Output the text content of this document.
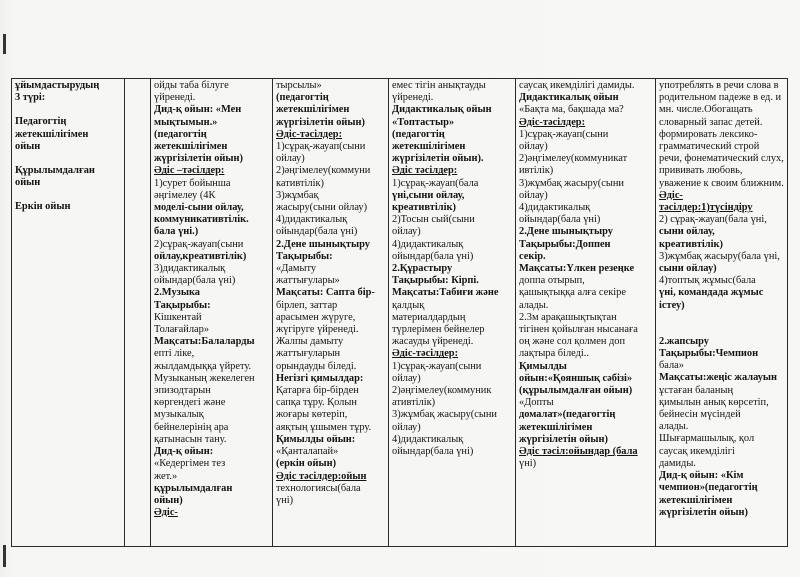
ұйымдастырудың
3 түрі:
Педагогтің
жетекшілігімен
ойын
Құрылымдалған
ойын
Еркін ойын

ойды таба білуге
үйренеді.
Дид-қ ойын: «Мен
мықтымын.»
(педагогтің
жетекшілігімен
жүргізілетін ойын)
Әдіс –тәсілдер:
1)сурет бойынша
әңгімелеу (4К
моделі-сыни ойлау,
коммуникативтілік.
бала үні.)
2)сұрақ-жауап(сыни
ойлау,креативтілік)
3)дидактикалық
ойындар(бала үні)
2.Музыка
Тақырыбы:
Кішкентай
Толағайлар»
Мақсаты:Балаларды
епті ліке,
жылдамдыққа үйрету.
Музыканың жекелеген
эпизодтарын
көргендегі және
музыкалық
бейнелерінің ара
қатынасын тану.
Дид-қ ойын:
«Кедергімен тез
жет.»
құрылымдалған
ойын)
Әдіс-

тырсылы»
(педагогтің
жетекшілігімен
жүргізілетін ойын)
Әдіс-тәсілдер:
1)сұрақ-жауап(сыни
ойлау)
2)әңгімелеу(коммуни
кативтілік)
3)жұмбақ
жасыру(сыни ойлау)
4)дидактикалық
ойындар(бала үні)
2.Дене шынықтыру
Тақырыбы:
«Дамыту
жаттығулары»
Мақсаты: Сапта бір-
бірлеп, заттар
арасымен жүруге,
жүгіруге үйренеді.
Жалпы дамыту
жаттығуларын
орындауды біледі.
Негізгі қимылдар:
Қатарға бір-бірден
сапқа тұру. Қолын
жоғары көтеріп,
аяқтың ұшымен тұру.
Қимылды ойын:
«Қанталапай»
(еркін ойын)
Әдіс тәсілдер:ойын
технологиясы(бала
үні)

емес тігін анықтауды
үйренеді.
Дидактикалық ойын
«Топтастыр»
(педагогтің
жетекшілігімен
жүргізілетін ойын).
Әдіс тәсілдер:
1)сұрақ-жауап(бала
үні,сыни ойлау,
креативтілік)
2)Тосын сый(сыни
ойлау)
4)дидактикалық
ойындар(бала үні)
2.Құрастыру
Тақырыбы: Кірпі.
Мақсаты:Табиғи және
қалдық
материалдардың
түрлерімен бейнелер
жасауды үйренеді.
Әдіс-тәсілдер:
1)сұрақ-жауап(сыни
ойлау)
2)әңгімелеу(коммуник
ативтілік)
3)жұмбақ жасыру(сыни
ойлау)
4)дидактикалық
ойындар(бала үні)

саусақ икемділігі дамиды.
Дидактикалық ойын
«Бақта ма, бақшада ма?
Әдіс-тәсілдер:
1)сұрақ-жауап(сыни
ойлау)
2)әңгімелеу(коммуникат
ивтілік)
3)жұмбақ жасыру(сыни
ойлау)
4)дидактикалық
ойындар(бала үні)
2.Дене шынықтыру
Тақырыбы:Доппен
секір.
Мақсаты:Үлкен резеңке
доппа отырып,
қашықтыққа алға секіре
алады.
2.3м арақашықтықтан
тігінен қойылған нысанаға
оң және сол қолмен доп
лақтыра біледі..
Қимылды
ойын:«Қояншық сәбізі»
(құрылымдалған ойын)
«Допты
домалат»(педагогтің
жетекшілігімен
жүргізілетін ойын)
Әдіс тәсіл:ойындар (бала
үні)

употреблять в речи слова в
родительном падеже в ед. и
мн. числе.Обогащать
словарный запас детей.
формировать лексико-
грамматический строй
речи, фонематический слух,
прививать любовь,
уважение к своим ближним.
Әдіс-
тәсілдер:1)түсіндіру
2) сұрақ-жауап(бала үні,
сыни ойлау,
креативтілік)
3)жұмбақ жасыру(бала үні,
сыни ойлау)
4)топтық жұмыс(бала
үні, командада жұмыс
істеу)
2.жапсыру
Тақырыбы:Чемпион
бала»
Мақсаты:жеңіс жалауын
ұстаған баланың
қимылын анық көрсетіп,
бейнесін мүсіндей
алады.
Шығармашылық, қол
саусақ икемділігі
дамиды.
Дид-қ ойын: «Кім
чемпион»(педагогтің
жетекшілігімен
жүргізілетін ойын)
